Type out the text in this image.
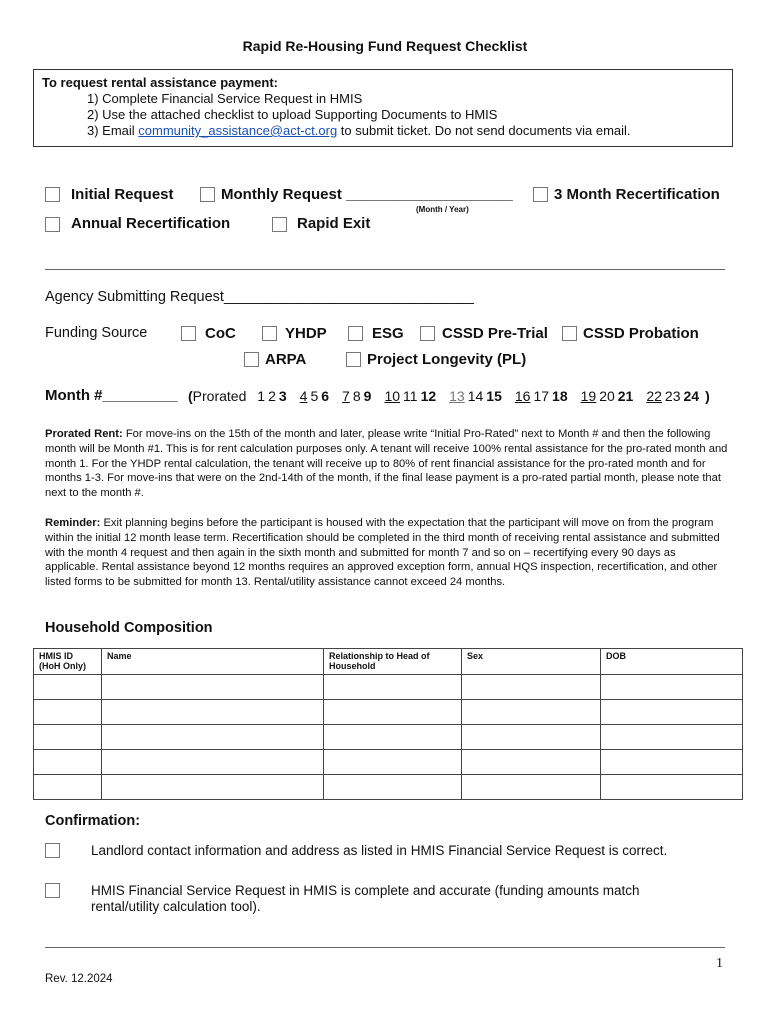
Rapid Re-Housing Fund Request Checklist
To request rental assistance payment:
1) Complete Financial Service Request in HMIS
2) Use the attached checklist to upload Supporting Documents to HMIS
3) Email community_assistance@act-ct.org to submit ticket. Do not send documents via email.
Initial Request	Monthly Request ____________________
(Month / Year)
3 Month Recertification
Annual Recertification	Rapid Exit
Agency Submitting Request_______________________________
Funding Source	CoC	YHDP	ESG	CSSD Pre-Trial CSSD Probation
ARPA	Project Longevity (PL)
Month #_________ (Prorated 1 2 3 4 5 6 7 8 9 10 11 12 13 14 15 16 17 18 19 20 21 22 23 24 )
Prorated Rent: For move-ins on the 15th of the month and later, please write “Initial Pro-Rated” next to Month # and then the following month will be Month #1. This is for rent calculation purposes only. A tenant will receive 100% rental assistance for the pro-rated month and month 1. For the YHDP rental calculation, the tenant will receive up to 80% of rent financial assistance for the pro-rated month and for months 1-3. For move-ins that were on the 2nd-14th of the month, if the final lease payment is a pro-rated partial month, please note that next to the month #.
Reminder: Exit planning begins before the participant is housed with the expectation that the participant will move on from the program within the initial 12 month lease term. Recertification should be completed in the third month of receiving rental assistance and submitted with the month 4 request and then again in the sixth month and submitted for month 7 and so on – recertifying every 90 days as applicable. Rental assistance beyond 12 months requires an approved exception form, annual HQS inspection, recertification, and other listed forms to be submitted for month 13. Rental/utility assistance cannot exceed 24 months.
Household Composition
HMIS ID (HoH Only)	Name	Relationship to Head of Household	Sex	DOB

Confirmation:
Landlord contact information and address as listed in HMIS Financial Service Request is correct.
HMIS Financial Service Request in HMIS is complete and accurate (funding amounts match rental/utility calculation tool).
1
Rev. 12.2024
